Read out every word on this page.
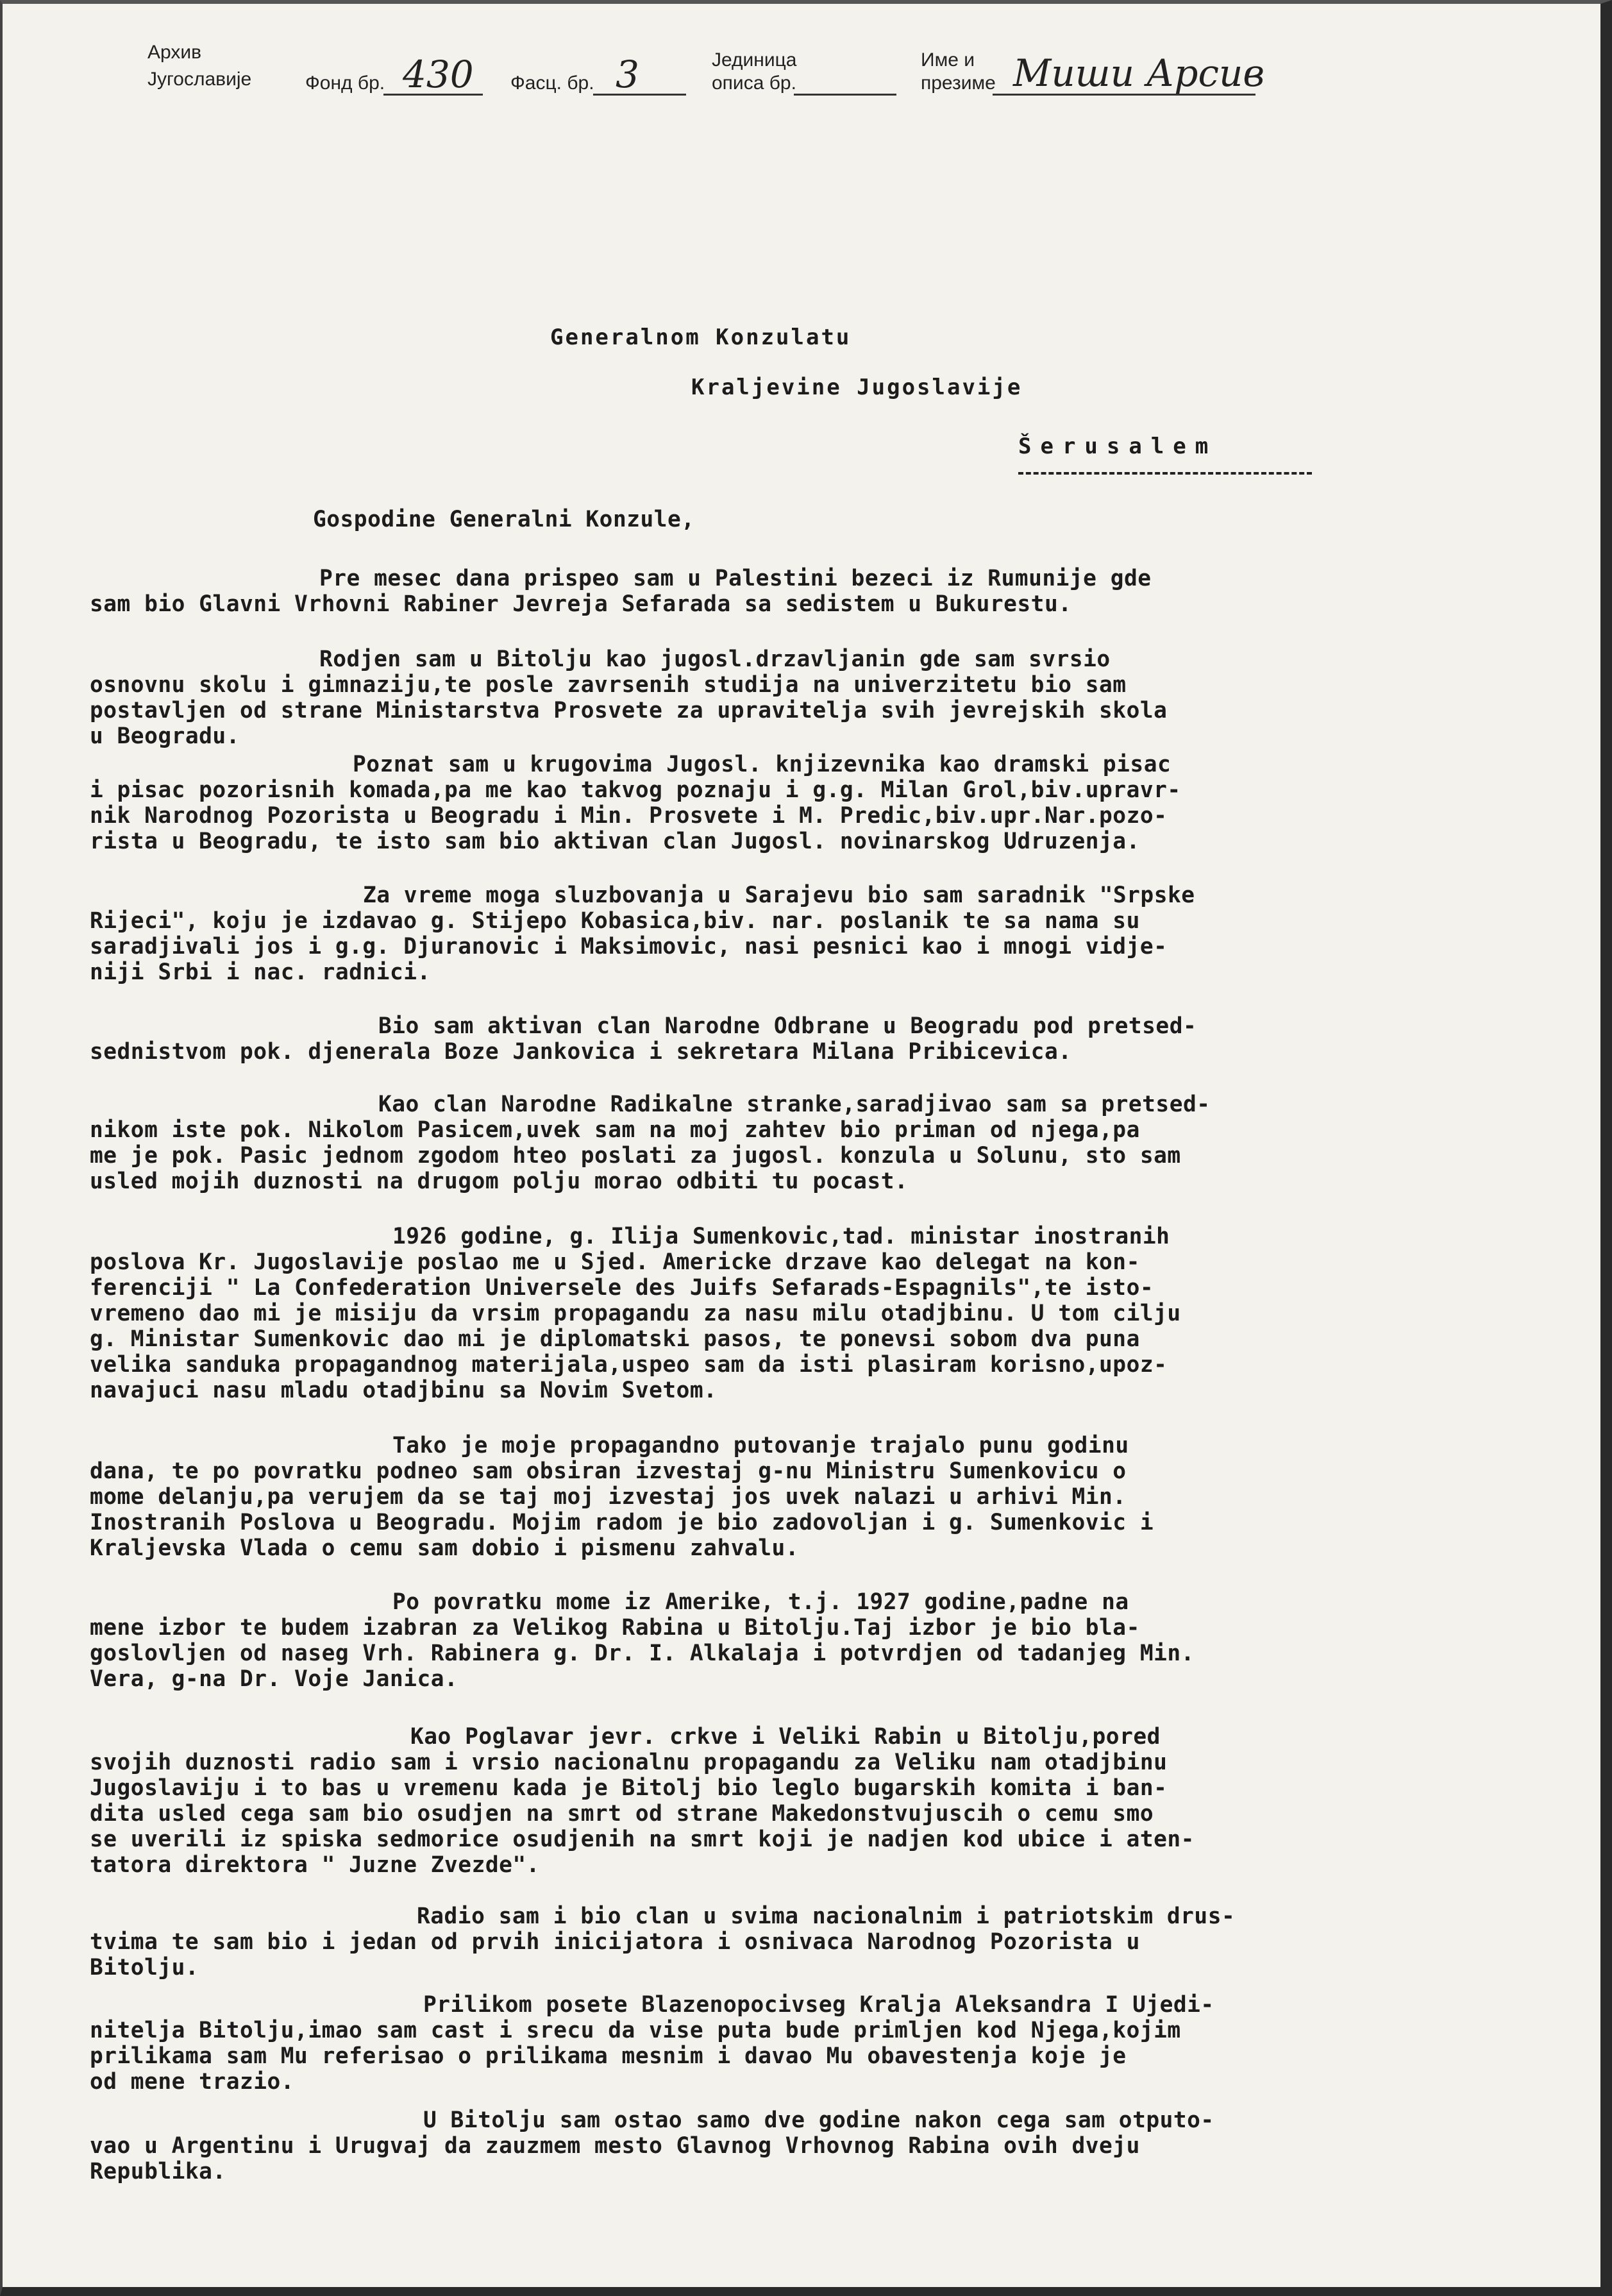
Архив
Југославије	Фонд бр. 430 Фасц. бр. 3	Јединица
описа бр.
Име и
презиме Миши Арсив
Generalnom Konzulatu
Kraljevine Jugoslavije
Šerusalem
Gospodine Generalni Konzule,
Pre mesec dana prispeo sam u Palestini bezeci iz Rumunije gde
sam bio Glavni Vrhovni Rabiner Jevreja Sefarada sa sedistem u Bukurestu.
Rodjen sam u Bitolju kao jugosl.drzavljanin gde sam svrsio
osnovnu skolu i gimnaziju,te posle zavrsenih studija na univerzitetu bio sam
postavljen od strane Ministarstva Prosvete za upravitelja svih jevrejskih skola
u Beogradu.
Poznat sam u krugovima Jugosl. knjizevnika kao dramski pisac
i pisac pozorisnih komada,pa me kao takvog poznaju i g.g. Milan Grol,biv.upravr-
nik Narodnog Pozorista u Beogradu i Min. Prosvete i M. Predic,biv.upr.Nar.pozo-
rista u Beogradu, te isto sam bio aktivan clan Jugosl. novinarskog Udruzenja.
Za vreme moga sluzbovanja u Sarajevu bio sam saradnik "Srpske
Rijeci", koju je izdavao g. Stijepo Kobasica,biv. nar. poslanik te sa nama su
saradjivali jos i g.g. Djuranovic i Maksimovic, nasi pesnici kao i mnogi vidje-
niji Srbi i nac. radnici.
Bio sam aktivan clan Narodne Odbrane u Beogradu pod pretsed-
sednistvom pok. djenerala Boze Jankovica i sekretara Milana Pribicevica.
Kao clan Narodne Radikalne stranke,saradjivao sam sa pretsed-
nikom iste pok. Nikolom Pasicem,uvek sam na moj zahtev bio priman od njega,pa
me je pok. Pasic jednom zgodom hteo poslati za jugosl. konzula u Solunu, sto sam
usled mojih duznosti na drugom polju morao odbiti tu pocast.
1926 godine, g. Ilija Sumenkovic,tad. ministar inostranih
poslova Kr. Jugoslavije poslao me u Sjed. Americke drzave kao delegat na kon-
ferenciji " La Confederation Universele des Juifs Sefarads-Espagnils",te isto-
vremeno dao mi je misiju da vrsim propagandu za nasu milu otadjbinu. U tom cilju
g. Ministar Sumenkovic dao mi je diplomatski pasos, te ponevsi sobom dva puna
velika sanduka propagandnog materijala,uspeo sam da isti plasiram korisno,upoz-
navajuci nasu mladu otadjbinu sa Novim Svetom.
Tako je moje propagandno putovanje trajalo punu godinu
dana, te po povratku podneo sam obsiran izvestaj g-nu Ministru Sumenkovicu o
mome delanju,pa verujem da se taj moj izvestaj jos uvek nalazi u arhivi Min.
Inostranih Poslova u Beogradu. Mojim radom je bio zadovoljan i g. Sumenkovic i
Kraljevska Vlada o cemu sam dobio i pismenu zahvalu.
Po povratku mome iz Amerike, t.j. 1927 godine,padne na
mene izbor te budem izabran za Velikog Rabina u Bitolju.Taj izbor je bio bla-
goslovljen od naseg Vrh. Rabinera g. Dr. I. Alkalaja i potvrdjen od tadanjeg Min.
Vera, g-na Dr. Voje Janica.
Kao Poglavar jevr. crkve i Veliki Rabin u Bitolju,pored
svojih duznosti radio sam i vrsio nacionalnu propagandu za Veliku nam otadjbinu
Jugoslaviju i to bas u vremenu kada je Bitolj bio leglo bugarskih komita i ban-
dita usled cega sam bio osudjen na smrt od strane Makedonstvujuscih o cemu smo
se uverili iz spiska sedmorice osudjenih na smrt koji je nadjen kod ubice i aten-
tatora direktora " Juzne Zvezde".
Radio sam i bio clan u svima nacionalnim i patriotskim drus-
tvima te sam bio i jedan od prvih inicijatora i osnivaca Narodnog Pozorista u
Bitolju.
Prilikom posete Blazenopocivseg Kralja Aleksandra I Ujedi-
nitelja Bitolju,imao sam cast i srecu da vise puta bude primljen kod Njega,kojim
prilikama sam Mu referisao o prilikama mesnim i davao Mu obavestenja koje je
od mene trazio.
U Bitolju sam ostao samo dve godine nakon cega sam otputo-
vao u Argentinu i Urugvaj da zauzmem mesto Glavnog Vrhovnog Rabina ovih dveju
Republika.
